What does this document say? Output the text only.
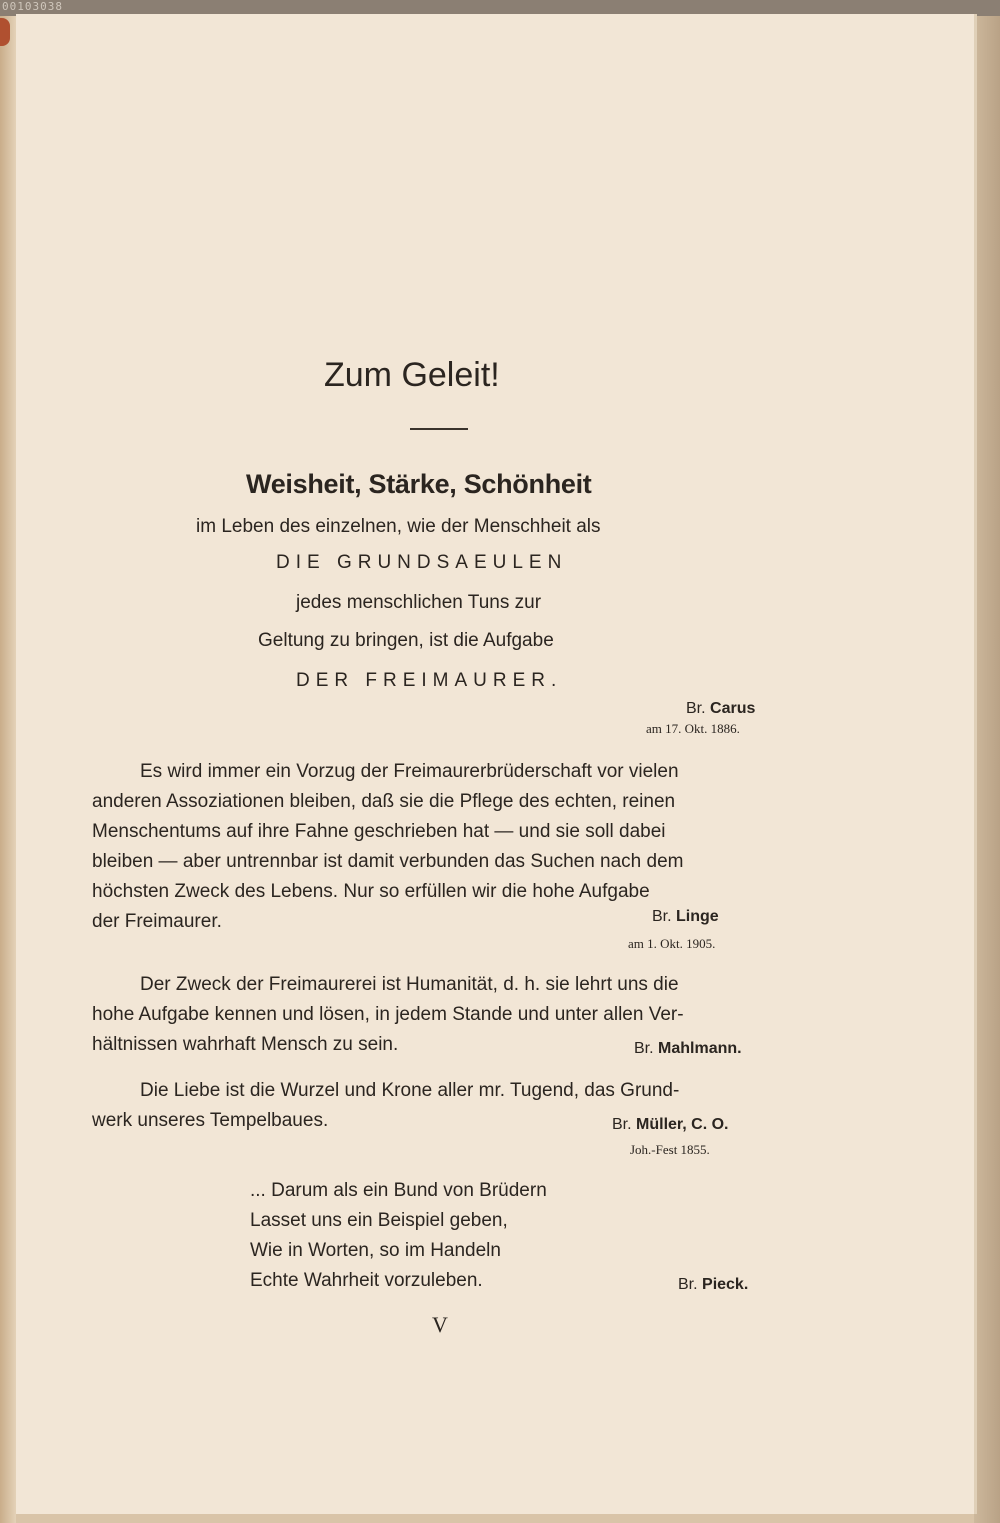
00103038
Zum Geleit!
Weisheit, Stärke, Schönheit
im Leben des einzelnen, wie der Menschheit als
DIE GRUNDSAEULEN
jedes menschlichen Tuns zur
Geltung zu bringen, ist die Aufgabe
DER FREIMAURER.
Br. Carus
am 17. Okt. 1886.
Es wird immer ein Vorzug der Freimaurerbrüderschaft vor vielen
anderen Assoziationen bleiben, daß sie die Pflege des echten, reinen
Menschentums auf ihre Fahne geschrieben hat — und sie soll dabei
bleiben — aber untrennbar ist damit verbunden das Suchen nach dem
höchsten Zweck des Lebens. Nur so erfüllen wir die hohe Aufgabe
der Freimaurer.	Br. Linge
am 1. Okt. 1905.
Der Zweck der Freimaurerei ist Humanität, d. h. sie lehrt uns die
hohe Aufgabe kennen und lösen, in jedem Stande und unter allen Ver-
hältnissen wahrhaft Mensch zu sein.	Br. Mahlmann.
Die Liebe ist die Wurzel und Krone aller mr. Tugend, das Grund-
werk unseres Tempelbaues.	Br. Müller, C. O.
Joh.-Fest 1855.
... Darum als ein Bund von Brüdern
Lasset uns ein Beispiel geben,
Wie in Worten, so im Handeln
Echte Wahrheit vorzuleben.	Br. Pieck.
V
